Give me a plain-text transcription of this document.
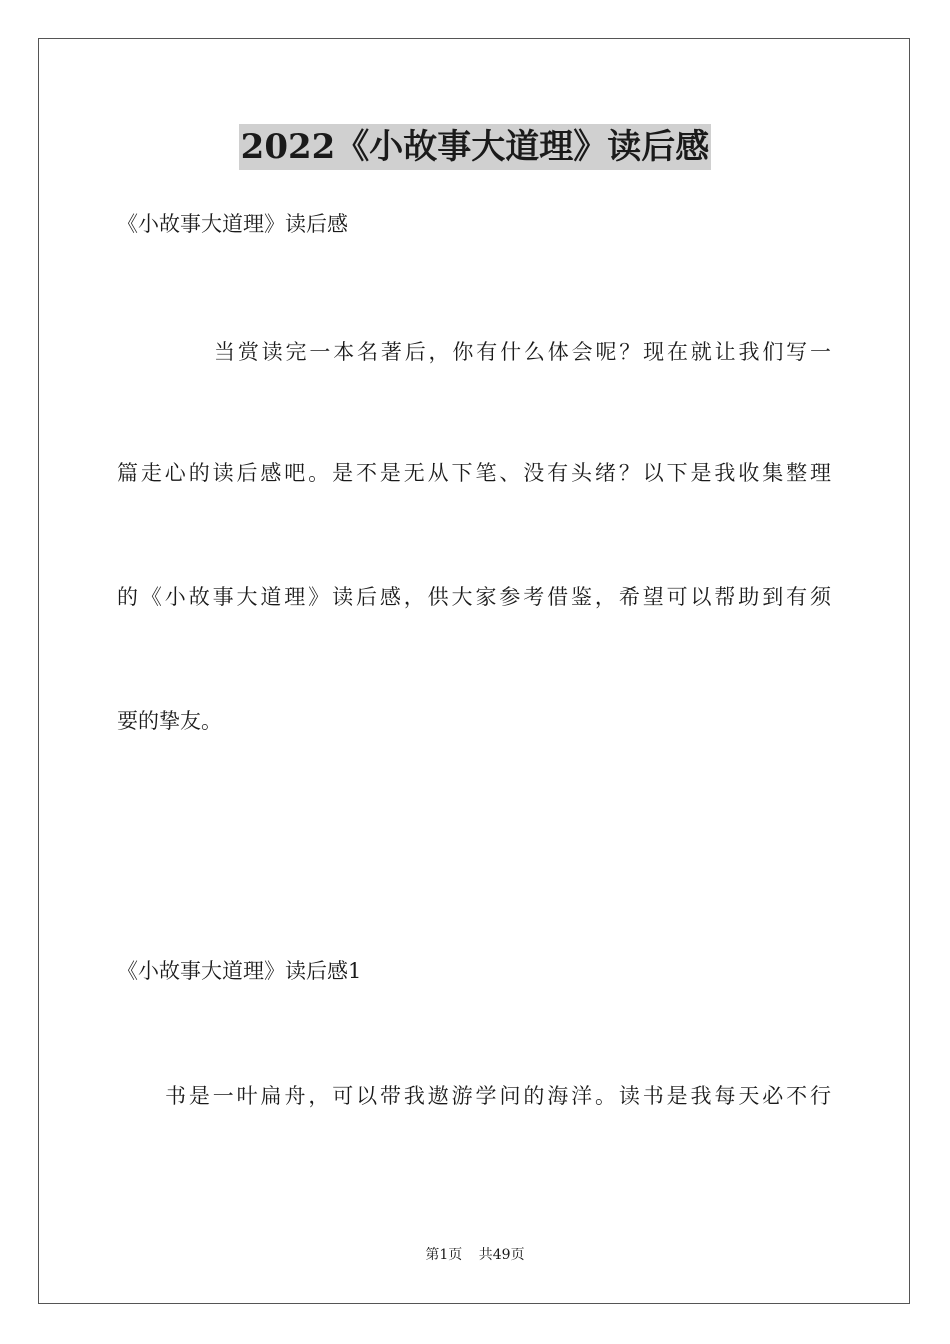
2022《小故事大道理》读后感
《小故事大道理》读后感
当赏读完一本名著后，你有什么体会呢？现在就让我们写一
篇走心的读后感吧。是不是无从下笔、没有头绪？以下是我收集整理
的《小故事大道理》读后感，供大家参考借鉴，希望可以帮助到有须
要的挚友。
《小故事大道理》读后感1
书是一叶扁舟，可以带我遨游学问的海洋。读书是我每天必不行
第1页 共49页
